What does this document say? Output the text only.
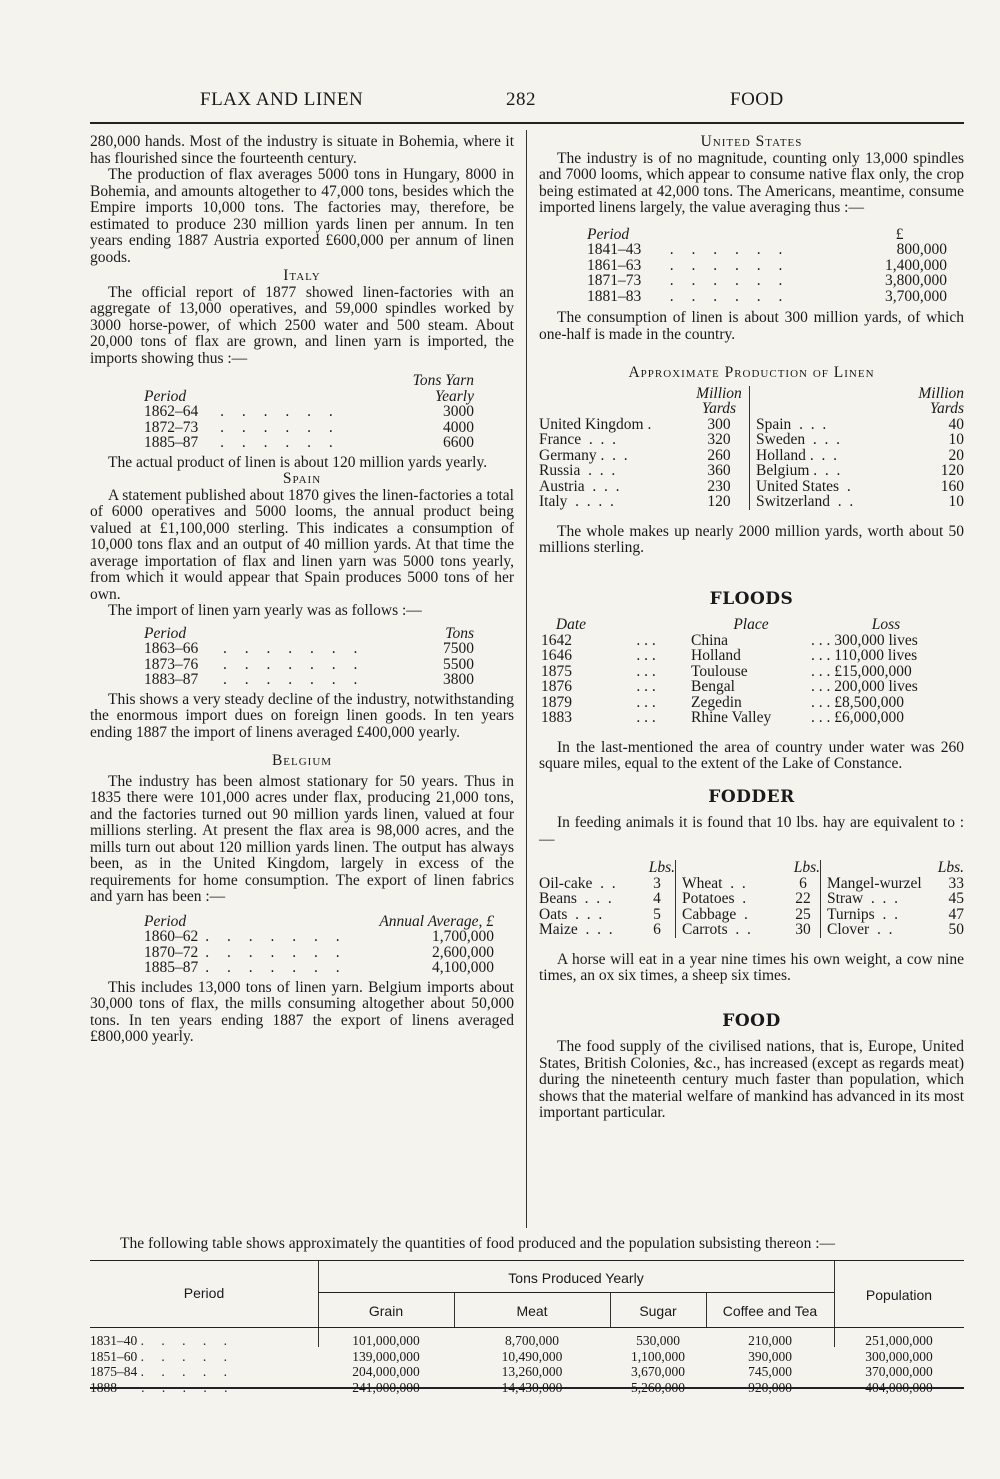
FLAX AND LINEN	282	FOOD

280,000 hands. Most of the industry is situate in Bohemia, where it has flourished since the fourteenth century.

The production of flax averages 5000 tons in Hungary, 8000 in Bohemia, and amounts altogether to 47,000 tons, besides which the Empire imports 10,000 tons. The factories may, therefore, be estimated to produce 230 million yards linen per annum. In ten years ending 1887 Austria exported £600,000 per annum of linen goods.

Italy

The official report of 1877 showed linen-factories with an aggregate of 13,000 operatives, and 59,000 spindles worked by 3000 horse-power, of which 2500 water and 500 steam. About 20,000 tons of flax are grown, and linen yarn is imported, the imports showing thus :—

Period		Tons Yarn
Yearly
1862–64	. . . . . .	3000
1872–73	. . . . . .	4000
1885–87	. . . . . .	6600

The actual product of linen is about 120 million yards yearly.

Spain

A statement published about 1870 gives the linen-factories a total of 6000 operatives and 5000 looms, the annual product being valued at £1,100,000 sterling. This indicates a consumption of 10,000 tons flax and an output of 40 million yards. At that time the average importation of flax and linen yarn was 5000 tons yearly, from which it would appear that Spain produces 5000 tons of her own.

The import of linen yarn yearly was as follows :—

Period		Tons
1863–66	. . . . . . .	7500
1873–76	. . . . . . .	5500
1883–87	. . . . . . .	3800

This shows a very steady decline of the industry, notwithstanding the enormous import dues on foreign linen goods. In ten years ending 1887 the import of linens averaged £400,000 yearly.

Belgium

The industry has been almost stationary for 50 years. Thus in 1835 there were 101,000 acres under flax, producing 21,000 tons, and the factories turned out 90 million yards linen, valued at four millions sterling. At present the flax area is 98,000 acres, and the mills turn out about 120 million yards linen. The output has always been, as in the United Kingdom, largely in excess of the requirements for home consumption. The export of linen fabrics and yarn has been :—

Period		Annual Average, £
1860–62	. . . . . . .	1,700,000
1870–72	. . . . . . .	2,600,000
1885–87	. . . . . . .	4,100,000

This includes 13,000 tons of linen yarn. Belgium imports about 30,000 tons of flax, the mills consuming altogether about 50,000 tons. In ten years ending 1887 the export of linens averaged £800,000 yearly.

United States

The industry is of no magnitude, counting only 13,000 spindles and 7000 looms, which appear to consume native flax only, the crop being estimated at 42,000 tons. The Americans, meantime, consume imported linens largely, the value averaging thus :—

Period		£
1841–43	. . . . . .	800,000
1861–63	. . . . . .	1,400,000
1871–73	. . . . . .	3,800,000
1881–83	. . . . . .	3,700,000

The consumption of linen is about 300 million yards, of which one-half is made in the country.

Approximate Production of Linen

	Million
Yards		Million
Yards
United Kingdom .	300	Spain  .  .  .	40
France  .  .  .	320	Sweden  .  .  .	10
Germany .  .  .	260	Holland .  .  .	20
Russia  .  .  .	360	Belgium .  .  .	120
Austria  .  .  .	230	United States  .	160
Italy  .  .  .  .	120	Switzerland  .  .	10

The whole makes up nearly 2000 million yards, worth about 50 millions sterling.

FLOODS

Date		Place	Loss
1642	. . .	China	. . . 300,000 lives
1646	. . .	Holland	. . . 110,000 lives
1875	. . .	Toulouse	. . . £15,000,000
1876	. . .	Bengal	. . . 200,000 lives
1879	. . .	Zegedin	. . . £8,500,000
1883	. . .	Rhine Valley	. . . £6,000,000

In the last-mentioned the area of country under water was 260 square miles, equal to the extent of the Lake of Constance.

FODDER

In feeding animals it is found that 10 lbs. hay are equivalent to :—

	Lbs.		Lbs.		Lbs.
Oil-cake  .  .	3	Wheat  .  .	6	Mangel-wurzel	33
Beans  .  .  .	4	Potatoes  .	22	Straw  .  .  .	45
Oats  .  .  .	5	Cabbage  .	25	Turnips  .  .	47
Maize  .  .  .	6	Carrots  .  .	30	Clover  .  .	50

A horse will eat in a year nine times his own weight, a cow nine times, an ox six times, a sheep six times.

FOOD

The food supply of the civilised nations, that is, Europe, United States, British Colonies, &c., has increased (except as regards meat) during the nineteenth century much faster than population, which shows that the material welfare of mankind has advanced in its most important particular.

The following table shows approximately the quantities of food produced and the population subsisting thereon :—
Period
Tons Produced Yearly
Grain	Meat	Sugar	Coffee and Tea
Population
1831–40 . . . . .	101,000,000	8,700,000	530,000	210,000	251,000,000
1851–60 . . . . .	139,000,000	10,490,000	1,100,000	390,000	300,000,000
1875–84 . . . . .	204,000,000	13,260,000	3,670,000	745,000	370,000,000
1888   . . . . .	241,000,000	14,430,000	5,260,000	920,000	404,000,000
